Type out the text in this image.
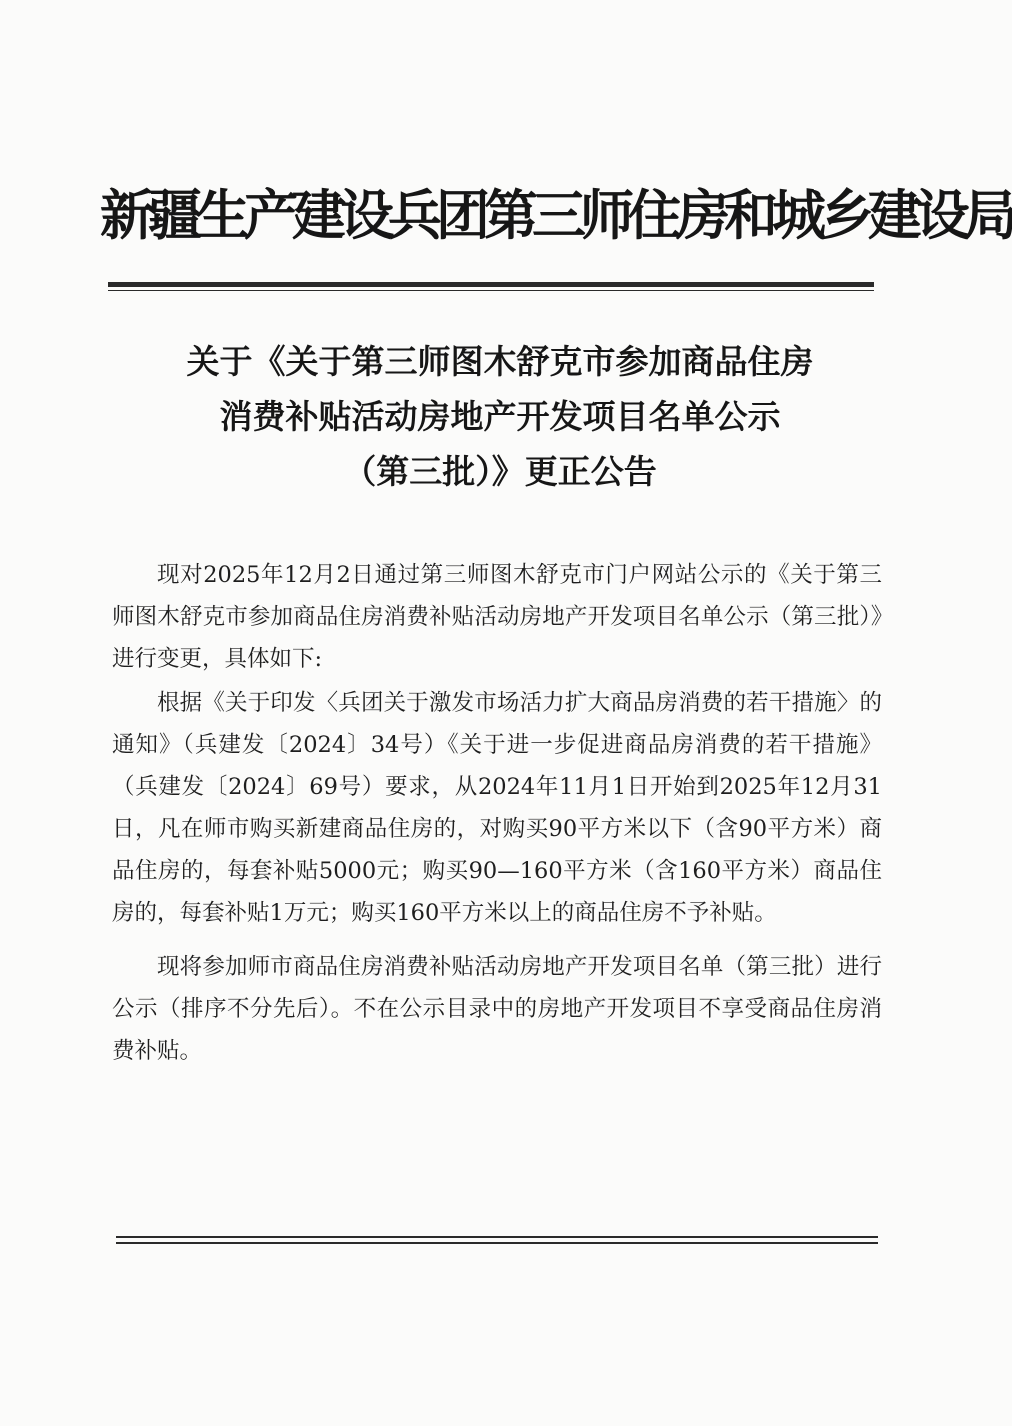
新疆生产建设兵团第三师住房和城乡建设局
关于《关于第三师图木舒克市参加商品住房
消费补贴活动房地产开发项目名单公示
（第三批）》更正公告

现对2025年12月2日通过第三师图木舒克市门户网站公示的《关于第三师图木舒克市参加商品住房消费补贴活动房地产开发项目名单公示（第三批）》进行变更，具体如下:

根据《关于印发〈兵团关于激发市场活力扩大商品房消费的若干措施〉的通知》（兵建发〔2024〕34号）《关于进一步促进商品房消费的若干措施》（兵建发〔2024〕69号）要求，从2024年11月1日开始到2025年12月31日，凡在师市购买新建商品住房的，对购买90平方米以下（含90平方米）商品住房的，每套补贴5000元；购买90—160平方米（含160平方米）商品住房的，每套补贴1万元；购买160平方米以上的商品住房不予补贴。

现将参加师市商品住房消费补贴活动房地产开发项目名单（第三批）进行公示（排序不分先后）。不在公示目录中的房地产开发项目不享受商品住房消费补贴。
